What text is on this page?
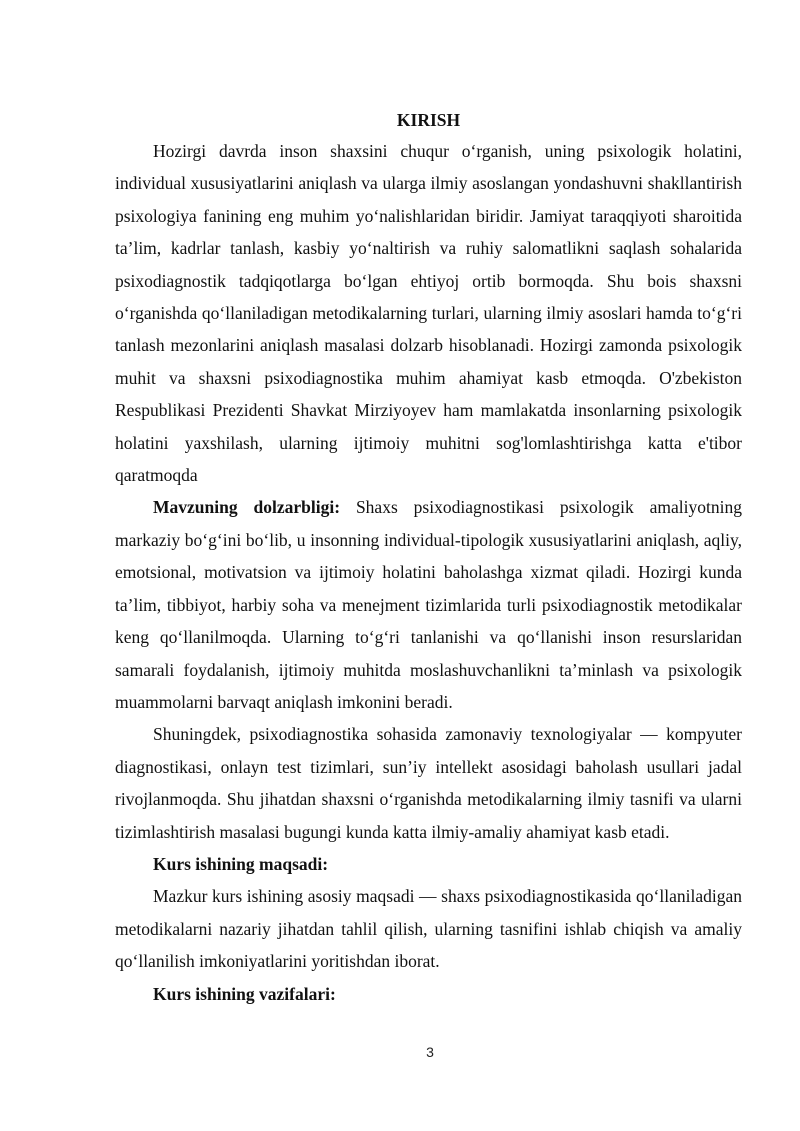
KIRISH

Hozirgi davrda inson shaxsini chuqur o‘rganish, uning psixologik holatini, individual xususiyatlarini aniqlash va ularga ilmiy asoslangan yondashuvni shakllantirish psixologiya fanining eng muhim yo‘nalishlaridan biridir. Jamiyat taraqqiyoti sharoitida ta’lim, kadrlar tanlash, kasbiy yo‘naltirish va ruhiy salomatlikni saqlash sohalarida psixodiagnostik tadqiqotlarga bo‘lgan ehtiyoj ortib bormoqda. Shu bois shaxsni o‘rganishda qo‘llaniladigan metodikalarning turlari, ularning ilmiy asoslari hamda to‘g‘ri tanlash mezonlarini aniqlash masalasi dolzarb hisoblanadi. Hozirgi zamonda psixologik muhit va shaxsni psixodiagnostika muhim ahamiyat kasb etmoqda. O'zbekiston Respublikasi Prezidenti Shavkat Mirziyoyev ham mamlakatda insonlarning psixologik holatini yaxshilash, ularning ijtimoiy muhitni sog'lomlashtirishga katta e'tibor qaratmoqda

Mavzuning dolzarbligi: Shaxs psixodiagnostikasi psixologik amaliyotning markaziy bo‘g‘ini bo‘lib, u insonning individual-tipologik xususiyatlarini aniqlash, aqliy, emotsional, motivatsion va ijtimoiy holatini baholashga xizmat qiladi. Hozirgi kunda ta’lim, tibbiyot, harbiy soha va menejment tizimlarida turli psixodiagnostik metodikalar keng qo‘llanilmoqda. Ularning to‘g‘ri tanlanishi va qo‘llanishi inson resurslaridan samarali foydalanish, ijtimoiy muhitda moslashuvchanlikni ta’minlash va psixologik muammolarni barvaqt aniqlash imkonini beradi.

Shuningdek, psixodiagnostika sohasida zamonaviy texnologiyalar — kompyuter diagnostikasi, onlayn test tizimlari, sun’iy intellekt asosidagi baholash usullari jadal rivojlanmoqda. Shu jihatdan shaxsni o‘rganishda metodikalarning ilmiy tasnifi va ularni tizimlashtirish masalasi bugungi kunda katta ilmiy-amaliy ahamiyat kasb etadi.

Kurs ishining maqsadi:

Mazkur kurs ishining asosiy maqsadi — shaxs psixodiagnostikasida qo‘llaniladigan metodikalarni nazariy jihatdan tahlil qilish, ularning tasnifini ishlab chiqish va amaliy qo‘llanilish imkoniyatlarini yoritishdan iborat.

Kurs ishining vazifalari:

3
